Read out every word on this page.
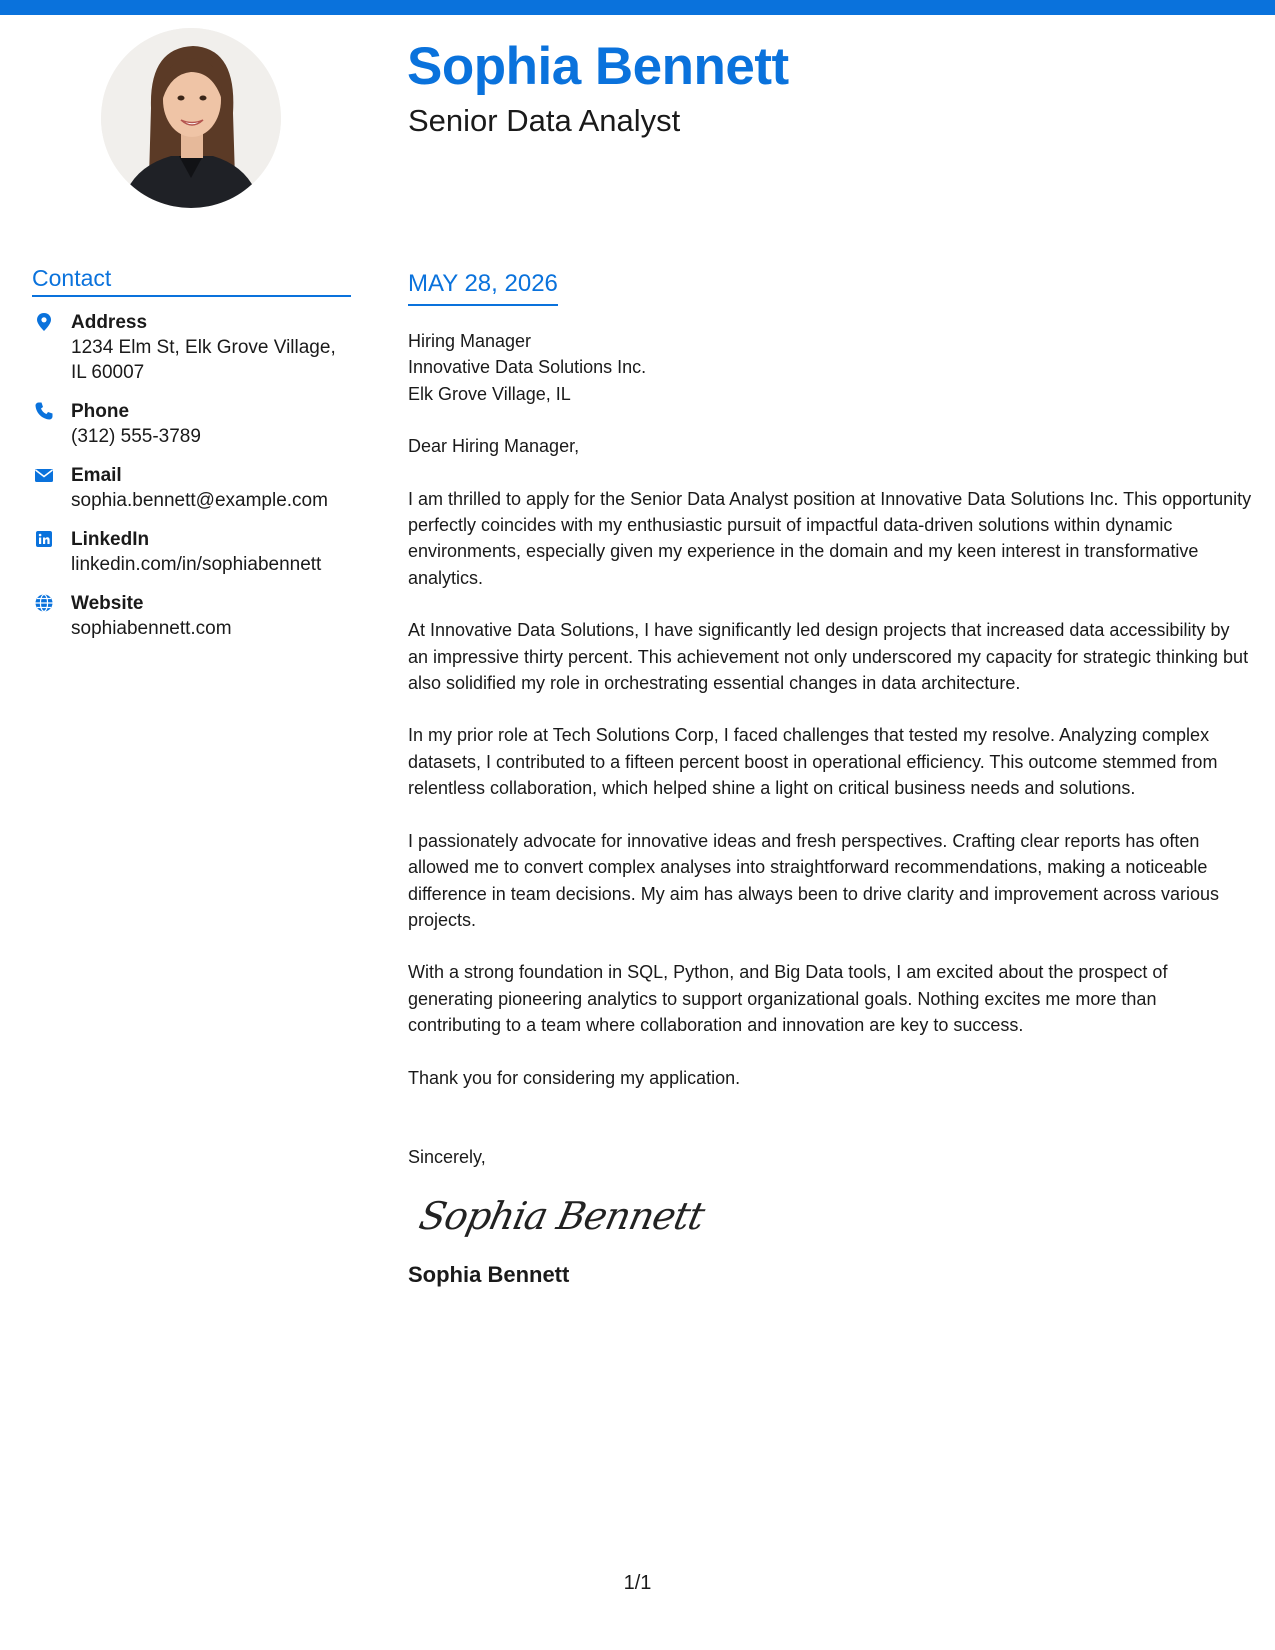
Sophia Bennett
Senior Data Analyst
Contact
Address
1234 Elm St, Elk Grove Village, IL 60007
Phone
(312) 555-3789
Email
sophia.bennett@example.com
LinkedIn
linkedin.com/in/sophiabennett
Website
sophiabennett.com
MAY 28, 2026
Hiring Manager
Innovative Data Solutions Inc.
Elk Grove Village, IL

Dear Hiring Manager,

I am thrilled to apply for the Senior Data Analyst position at Innovative Data Solutions Inc. This opportunity perfectly coincides with my enthusiastic pursuit of impactful data-driven solutions within dynamic environments, especially given my experience in the domain and my keen interest in transformative analytics.

At Innovative Data Solutions, I have significantly led design projects that increased data accessibility by an impressive thirty percent. This achievement not only underscored my capacity for strategic thinking but also solidified my role in orchestrating essential changes in data architecture.

In my prior role at Tech Solutions Corp, I faced challenges that tested my resolve. Analyzing complex datasets, I contributed to a fifteen percent boost in operational efficiency. This outcome stemmed from relentless collaboration, which helped shine a light on critical business needs and solutions.

I passionately advocate for innovative ideas and fresh perspectives. Crafting clear reports has often allowed me to convert complex analyses into straightforward recommendations, making a noticeable difference in team decisions. My aim has always been to drive clarity and improvement across various projects.

With a strong foundation in SQL, Python, and Big Data tools, I am excited about the prospect of generating pioneering analytics to support organizational goals. Nothing excites me more than contributing to a team where collaboration and innovation are key to success.

Thank you for considering my application.

Sincerely,

Sophia Bennett
Sophia Bennett
1/1
